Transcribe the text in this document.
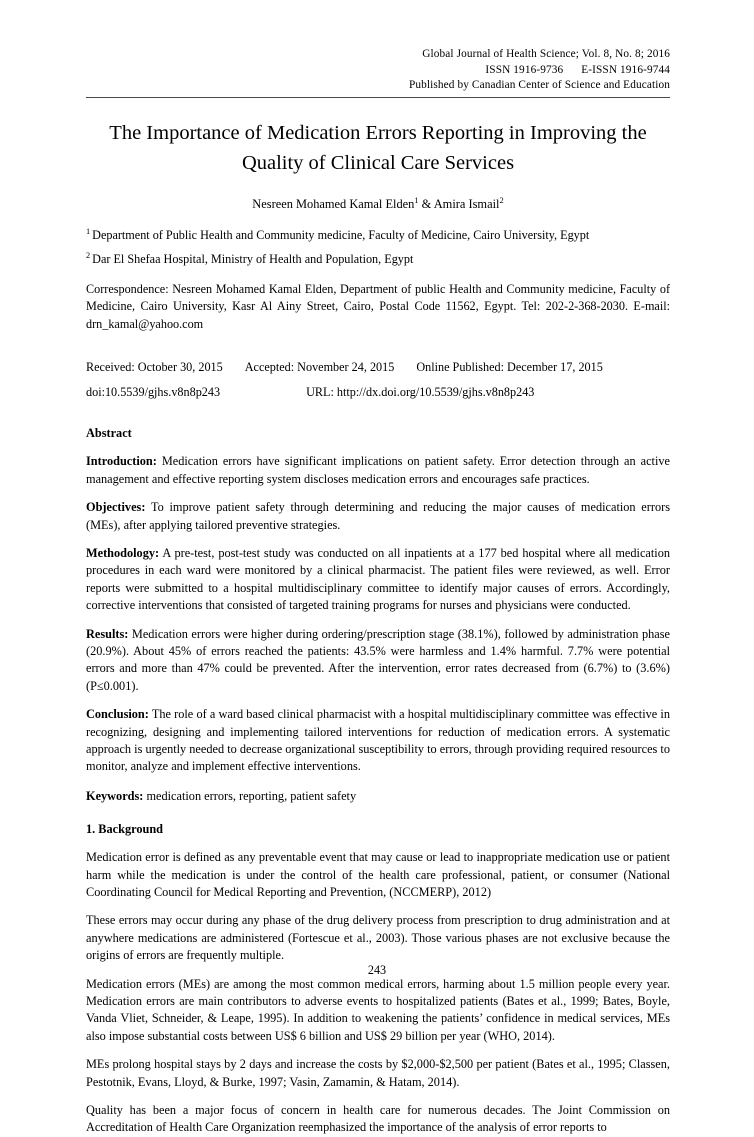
Global Journal of Health Science; Vol. 8, No. 8; 2016
ISSN 1916-9736 E-ISSN 1916-9744
Published by Canadian Center of Science and Education
The Importance of Medication Errors Reporting in Improving the Quality of Clinical Care Services
Nesreen Mohamed Kamal Elden$^1$ & Amira Ismail$^2$
$^1$ Department of Public Health and Community medicine, Faculty of Medicine, Cairo University, Egypt
$^2$ Dar El Shefaa Hospital, Ministry of Health and Population, Egypt
Correspondence: Nesreen Mohamed Kamal Elden, Department of public Health and Community medicine, Faculty of Medicine, Cairo University, Kasr Al Ainy Street, Cairo, Postal Code 11562, Egypt. Tel: 202-2-368-2030. E-mail: drn_kamal@yahoo.com
Received: October 30, 2015 Accepted: November 24, 2015 Online Published: December 17, 2015
doi:10.5539/gjhs.v8n8p243	URL: http://dx.doi.org/10.5539/gjhs.v8n8p243
Abstract

Introduction: Medication errors have significant implications on patient safety. Error detection through an active management and effective reporting system discloses medication errors and encourages safe practices.

Objectives: To improve patient safety through determining and reducing the major causes of medication errors (MEs), after applying tailored preventive strategies.

Methodology: A pre-test, post-test study was conducted on all inpatients at a 177 bed hospital where all medication procedures in each ward were monitored by a clinical pharmacist. The patient files were reviewed, as well. Error reports were submitted to a hospital multidisciplinary committee to identify major causes of errors. Accordingly, corrective interventions that consisted of targeted training programs for nurses and physicians were conducted.

Results: Medication errors were higher during ordering/prescription stage (38.1%), followed by administration phase (20.9%). About 45% of errors reached the patients: 43.5% were harmless and 1.4% harmful. 7.7% were potential errors and more than 47% could be prevented. After the intervention, error rates decreased from (6.7%) to (3.6%) (P≤0.001).

Conclusion: The role of a ward based clinical pharmacist with a hospital multidisciplinary committee was effective in recognizing, designing and implementing tailored interventions for reduction of medication errors. A systematic approach is urgently needed to decrease organizational susceptibility to errors, through providing required resources to monitor, analyze and implement effective interventions.

Keywords: medication errors, reporting, patient safety
1. Background

Medication error is defined as any preventable event that may cause or lead to inappropriate medication use or patient harm while the medication is under the control of the health care professional, patient, or consumer (National Coordinating Council for Medical Reporting and Prevention, (NCCMERP), 2012)

These errors may occur during any phase of the drug delivery process from prescription to drug administration and at anywhere medications are administered (Fortescue et al., 2003). Those various phases are not exclusive because the origins of errors are frequently multiple.

Medication errors (MEs) are among the most common medical errors, harming about 1.5 million people every year. Medication errors are main contributors to adverse events to hospitalized patients (Bates et al., 1999; Bates, Boyle, Vanda Vliet, Schneider, & Leape, 1995). In addition to weakening the patients’ confidence in medical services, MEs also impose substantial costs between US$ 6 billion and US$ 29 billion per year (WHO, 2014).

MEs prolong hospital stays by 2 days and increase the costs by $2,000-$2,500 per patient (Bates et al., 1995; Classen, Pestotnik, Evans, Lloyd, & Burke, 1997; Vasin, Zamamin, & Hatam, 2014).

Quality has been a major focus of concern in health care for numerous decades. The Joint Commission on Accreditation of Health Care Organization reemphasized the importance of the analysis of error reports to

243
